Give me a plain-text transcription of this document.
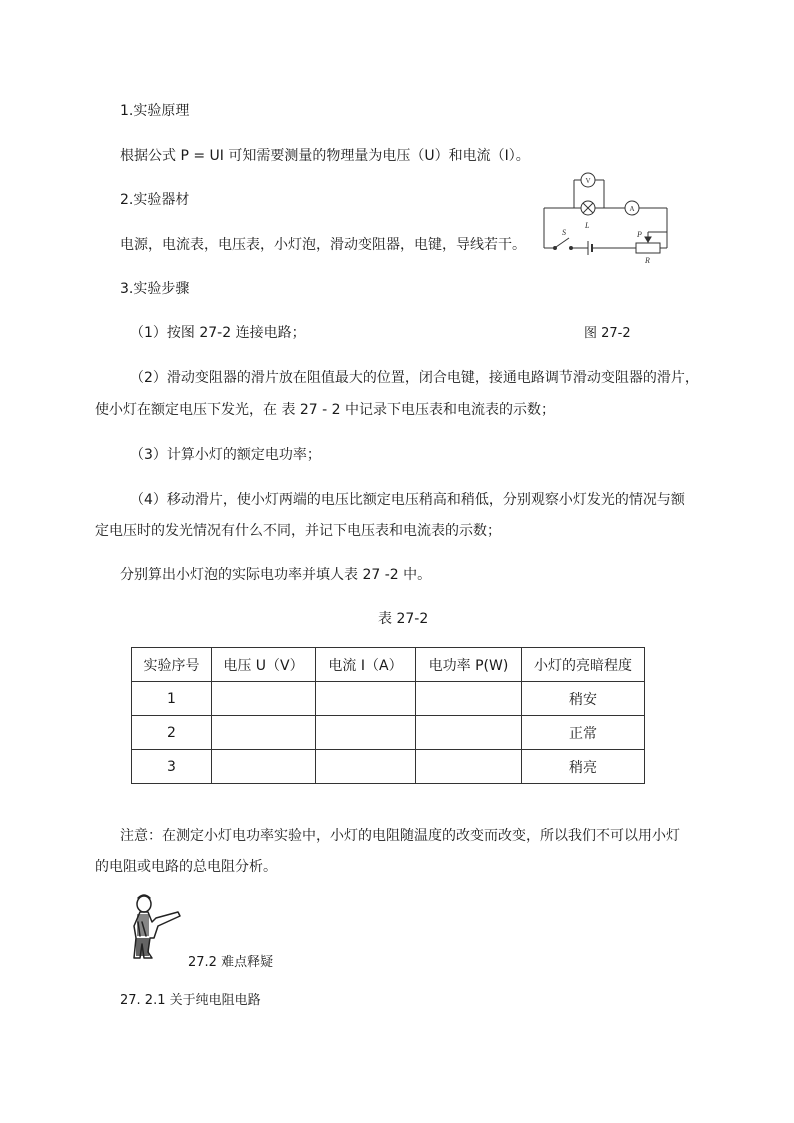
1.实验原理
根据公式 P = UI 可知需要测量的物理量为电压（U）和电流（I）。
2.实验器材
电源，电流表，电压表，小灯泡，滑动变阻器，电键，导线若干。
3.实验步骤
V
A
L
S	P
R
（1）按图 27-2 连接电路；	图 27-2
（2）滑动变阻器的滑片放在阻值最大的位置，闭合电键，接通电路调节滑动变阻器的滑片，
使小灯在额定电压下发光，在 表 27 - 2 中记录下电压表和电流表的示数；
（3）计算小灯的额定电功率；
（4）移动滑片，使小灯两端的电压比额定电压稍高和稍低，分别观察小灯发光的情况与额
定电压时的发光情况有什么不同，并记下电压表和电流表的示数；
分别算出小灯泡的实际电功率并填人表 27 -2 中。
表 27-2
实验序号	电压 U（V）	电流 I（A）	电功率 P(W)	小灯的亮暗程度
1				稍安
2				正常
3				稍亮
注意：在测定小灯电功率实验中，小灯的电阻随温度的改变而改变，所以我们不可以用小灯
的电阻或电路的总电阻分析。
27.2 难点释疑
27. 2.1 关于纯电阻电路
